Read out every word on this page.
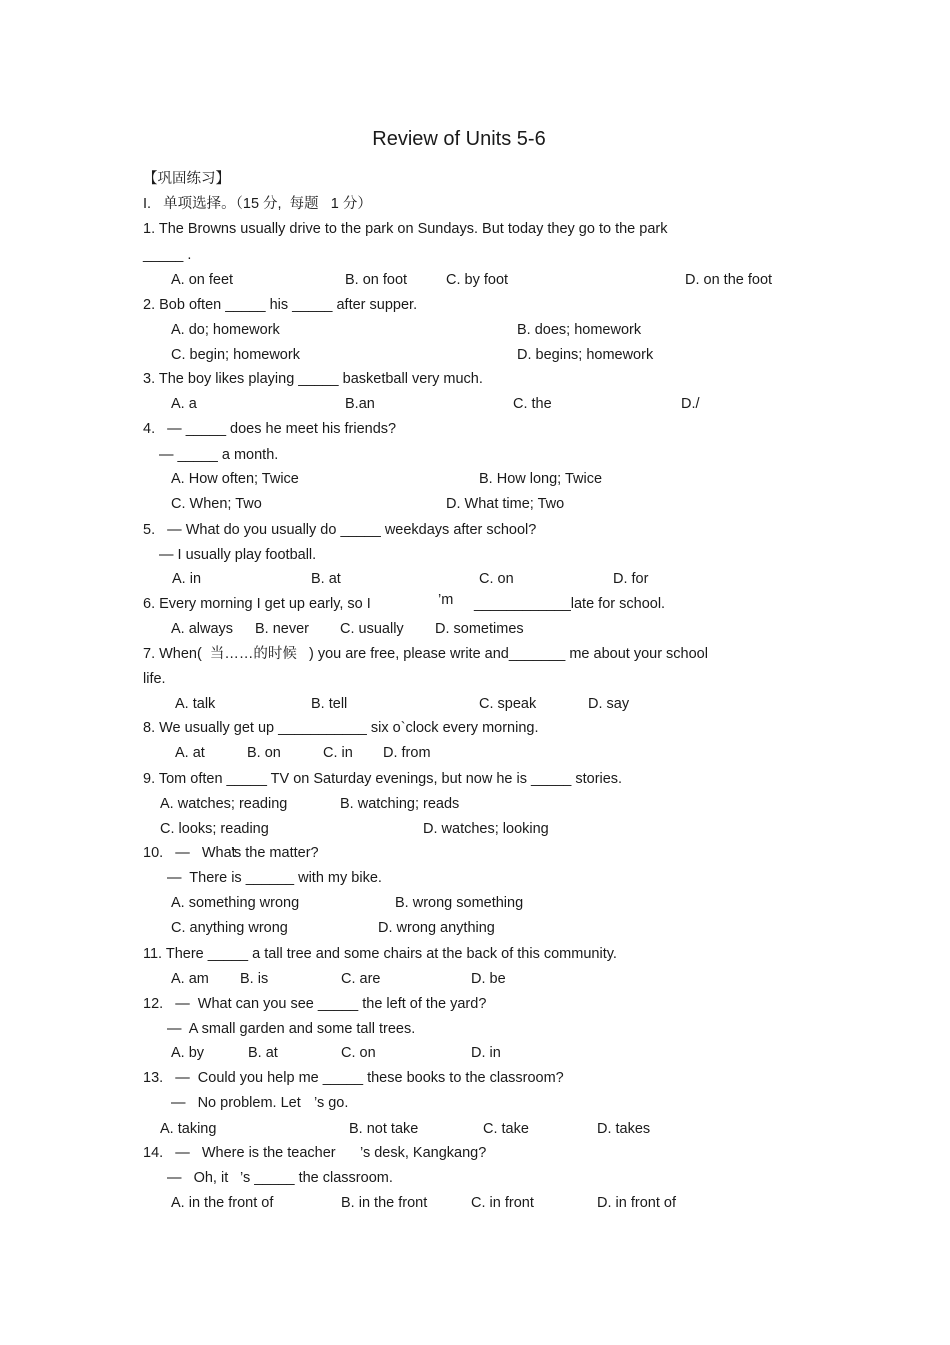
Review of Units 5-6
【巩固练习】
I.   单项选择。（15 分,  每题   1 分）
1. The Browns usually drive to the park on Sundays. But today they go to the park
_____ .
A. on feet	B. on foot	C. by foot	D. on the foot
2. Bob often _____ his _____ after supper.
A. do; homework	B. does; homework
C. begin; homework	D. begins; homework
3. The boy likes playing _____ basketball very much.
A. a	B.an	C. the	D./
4.   — _____ does he meet his friends?
— _____ a month.
A. How often; Twice	B. How long; Twice
C. When; Two	D. What time; Two
5.   — What do you usually do _____ weekdays after school?
— I usually play football.
A. in	B. at	C. on	D. for
6. Every morning I get up early, so I	’m ____________late for school.
A. always B. never C. usually D. sometimes
7. When(  当……的时候   ) you are free, please write and_______ me about your school
life.
A. talk	B. tell	C. speak	D. say
8. We usually get up ___________ six o`clock every morning.
A. at	B. on	C. in D. from
9. Tom often _____ TV on Saturday evenings, but now he is _____ stories.
A. watches; reading	B. watching; reads
C. looks; reading	D. watches; looking
10.   —   What
’s the matter?
—  There is ______ with my bike.
A. something wrong	B. wrong something
C. anything wrong	D. wrong anything
11. There _____ a tall tree and some chairs at the back of this community.
A. am B. is	C. are	D. be
12.   —  What can you see _____ the left of the yard?
—  A small garden and some tall trees.
A. by	B. at	C. on	D. in
13.   —  Could you help me _____ these books to the classroom?
—   No problem. Let ’s go.
A. taking	B. not take	C. take	D. takes
14.   —   Where is the teacher ’s desk, Kangkang?
—   Oh, it ’s _____ the classroom.
A. in the front of	B. in the front	C. in front	D. in front of
